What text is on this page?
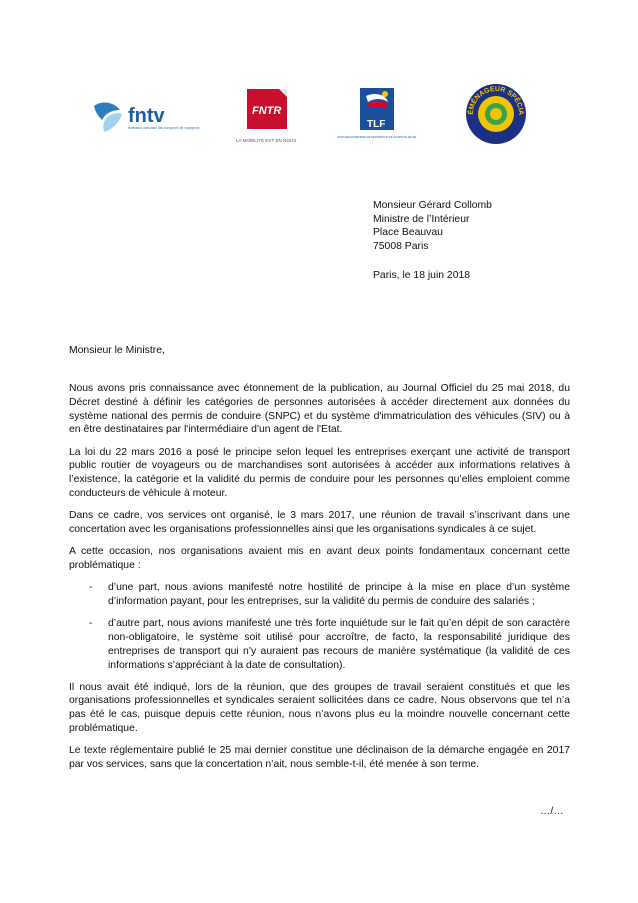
fntv
fédération nationale des transports de voyageurs
FNTR
LA MOBILITÉ EST EN NOUS
TLF
UNION DES ENTREPRISES DE TRANSPORT ET DE LOGISTIQUE DE FRANCE
ÉMÉNAGEUR SPÉCIA
Monsieur Gérard Collomb
Ministre de l’Intérieur
Place Beauvau
75008 Paris
Paris, le 18 juin 2018
Monsieur le Ministre,

Nous avons pris connaissance avec étonnement de la publication, au Journal Officiel du 25 mai 2018, du Décret destiné à définir les catégories de personnes autorisées à accéder directement aux données du système national des permis de conduire (SNPC) et du système d'immatriculation des véhicules (SIV) ou à en être destinataires par l'intermédiaire d'un agent de l'Etat.

La loi du 22 mars 2016 a posé le principe selon lequel les entreprises exerçant une activité de transport public routier de voyageurs ou de marchandises sont autorisées à accéder aux informations relatives à l’existence, la catégorie et la validité du permis de conduire pour les personnes qu’elles emploient comme conducteurs de véhicule à moteur.

Dans ce cadre, vos services ont organisé, le 3 mars 2017, une réunion de travail s’inscrivant dans une concertation avec les organisations professionnelles ainsi que les organisations syndicales à ce sujet.

A cette occasion, nos organisations avaient mis en avant deux points fondamentaux concernant cette problématique :

- d’une part, nous avions manifesté notre hostilité de principe à la mise en place d’un système d’information payant, pour les entreprises, sur la validité du permis de conduire des salariés ;
- d’autre part, nous avions manifesté une très forte inquiétude sur le fait qu’en dépit de son caractère non-obligatoire, le système soit utilisé pour accroître, de facto, la responsabilité juridique des entreprises de transport qui n’y auraient pas recours de manière systématique (la validité de ces informations s’appréciant à la date de consultation).

Il nous avait été indiqué, lors de la réunion, que des groupes de travail seraient constitués et que les organisations professionnelles et syndicales seraient sollicitées dans ce cadre. Nous observons que tel n’a pas été le cas, puisque depuis cette réunion, nous n’avons plus eu la moindre nouvelle concernant cette problématique.

Le texte réglementaire publié le 25 mai dernier constitue une déclinaison de la démarche engagée en 2017 par vos services, sans que la concertation n’ait, nous semble-t-il, été menée à son terme.

…/…
